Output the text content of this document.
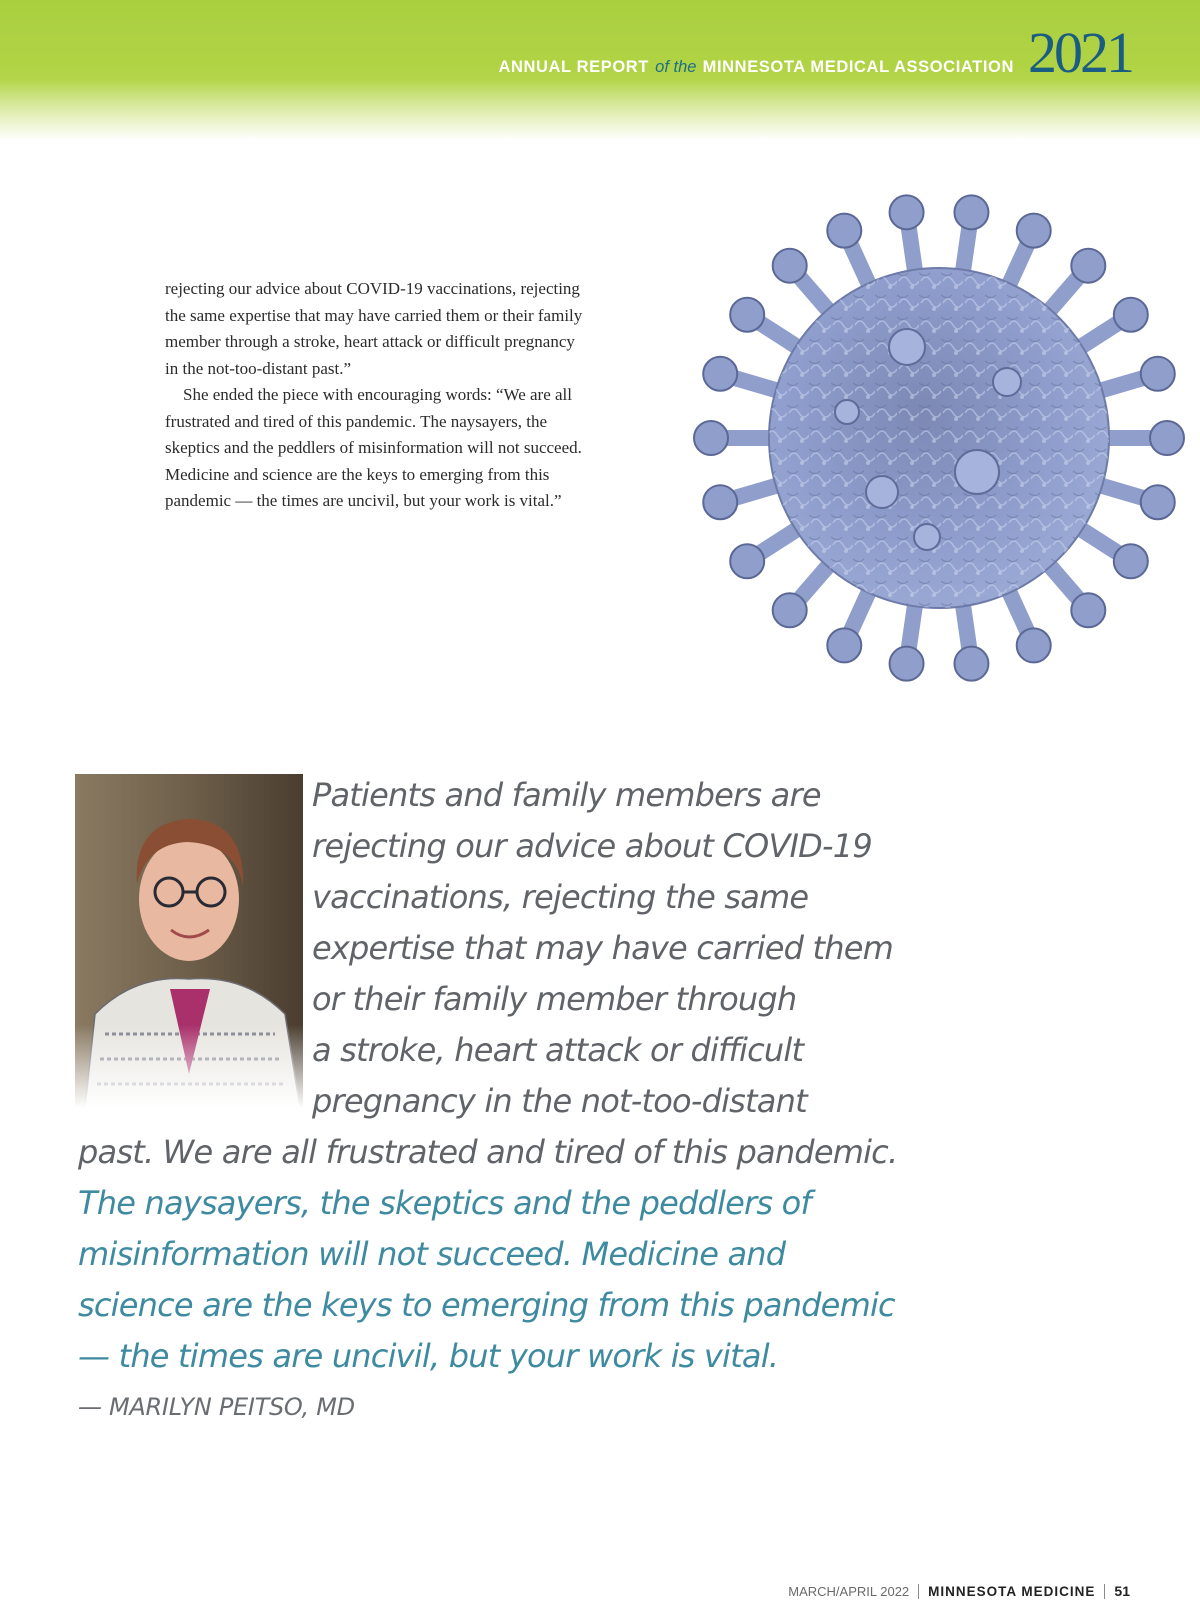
ANNUAL REPORT of the MINNESOTA MEDICAL ASSOCIATION 2021

rejecting our advice about COVID-19 vaccinations, rejecting the same expertise that may have carried them or their family member through a stroke, heart attack or difficult pregnancy in the not-too-distant past.”

She ended the piece with encouraging words: “We are all frustrated and tired of this pandemic. The naysayers, the skeptics and the peddlers of misinformation will not succeed. Medicine and science are the keys to emerging from this pandemic — the times are uncivil, but your work is vital.”

Patients and family members are
rejecting our advice about COVID-19
vaccinations, rejecting the same
expertise that may have carried them
or their family member through
a stroke, heart attack or difficult
pregnancy in the not-too-distant
past. We are all frustrated and tired of this pandemic.
The naysayers, the skeptics and the peddlers of
misinformation will not succeed. Medicine and
science are the keys to emerging from this pandemic
— the times are uncivil, but your work is vital.

— MARILYN PEITSO, MD
MARCH/APRIL 2022 MINNESOTA MEDICINE 51
